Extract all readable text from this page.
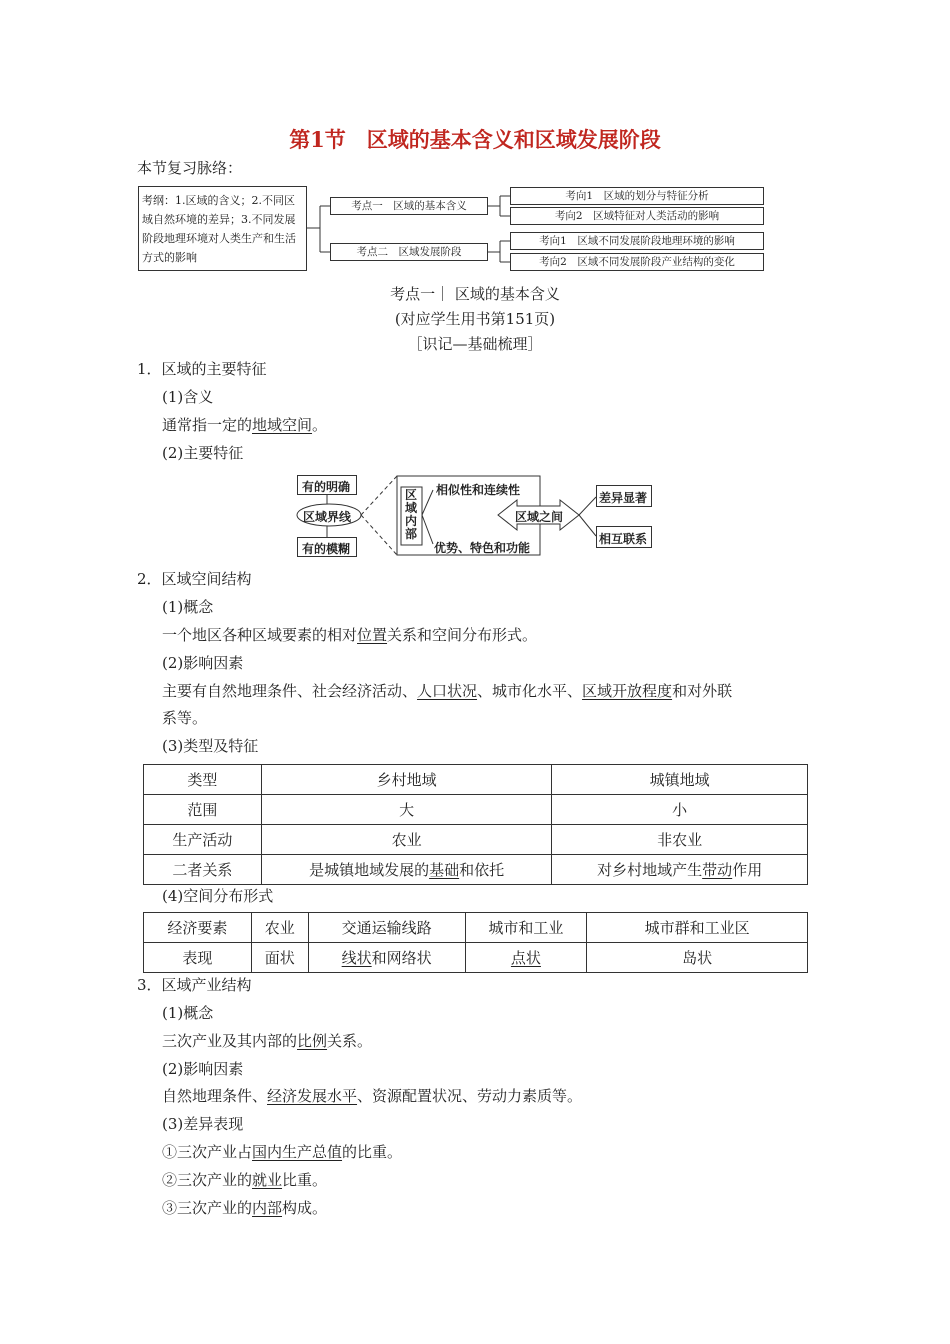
第1节　区域的基本含义和区域发展阶段
本节复习脉络：
考纲：1.区域的含义；2.不同区域自然环境的差异；3.不同发展阶段地理环境对人类生产和生活方式的影响
考点一　区域的基本含义
考向1　区域的划分与特征分析
考向2　区域特征对人类活动的影响
考点二　区域发展阶段
考向1　区域不同发展阶段地理环境的影响
考向2　区域不同发展阶段产业结构的变化
考点一｜ 区域的基本含义
(对应学生用书第151页)
［识记—基础梳理］
1．区域的主要特征
(1)含义
通常指一定的地域空间。
(2)主要特征
有的明确
区域界线
有的模糊
区域内部
相似性和连续性
优势、特色和功能
区域之间
差异显著
相互联系
2．区域空间结构
(1)概念
一个地区各种区域要素的相对位置关系和空间分布形式。
(2)影响因素
主要有自然地理条件、社会经济活动、人口状况、城市化水平、区域开放程度和对外联
系等。
(3)类型及特征
类型	乡村地域	城镇地域
范围	大	小
生产活动	农业	非农业
二者关系	是城镇地域发展的基础和依托	对乡村地域产生带动作用
(4)空间分布形式
经济要素	农业	交通运输线路	城市和工业	城市群和工业区
表现	面状	线状和网络状	点状	岛状
3．区域产业结构
(1)概念
三次产业及其内部的比例关系。
(2)影响因素
自然地理条件、经济发展水平、资源配置状况、劳动力素质等。
(3)差异表现
①三次产业占国内生产总值的比重。
②三次产业的就业比重。
③三次产业的内部构成。
